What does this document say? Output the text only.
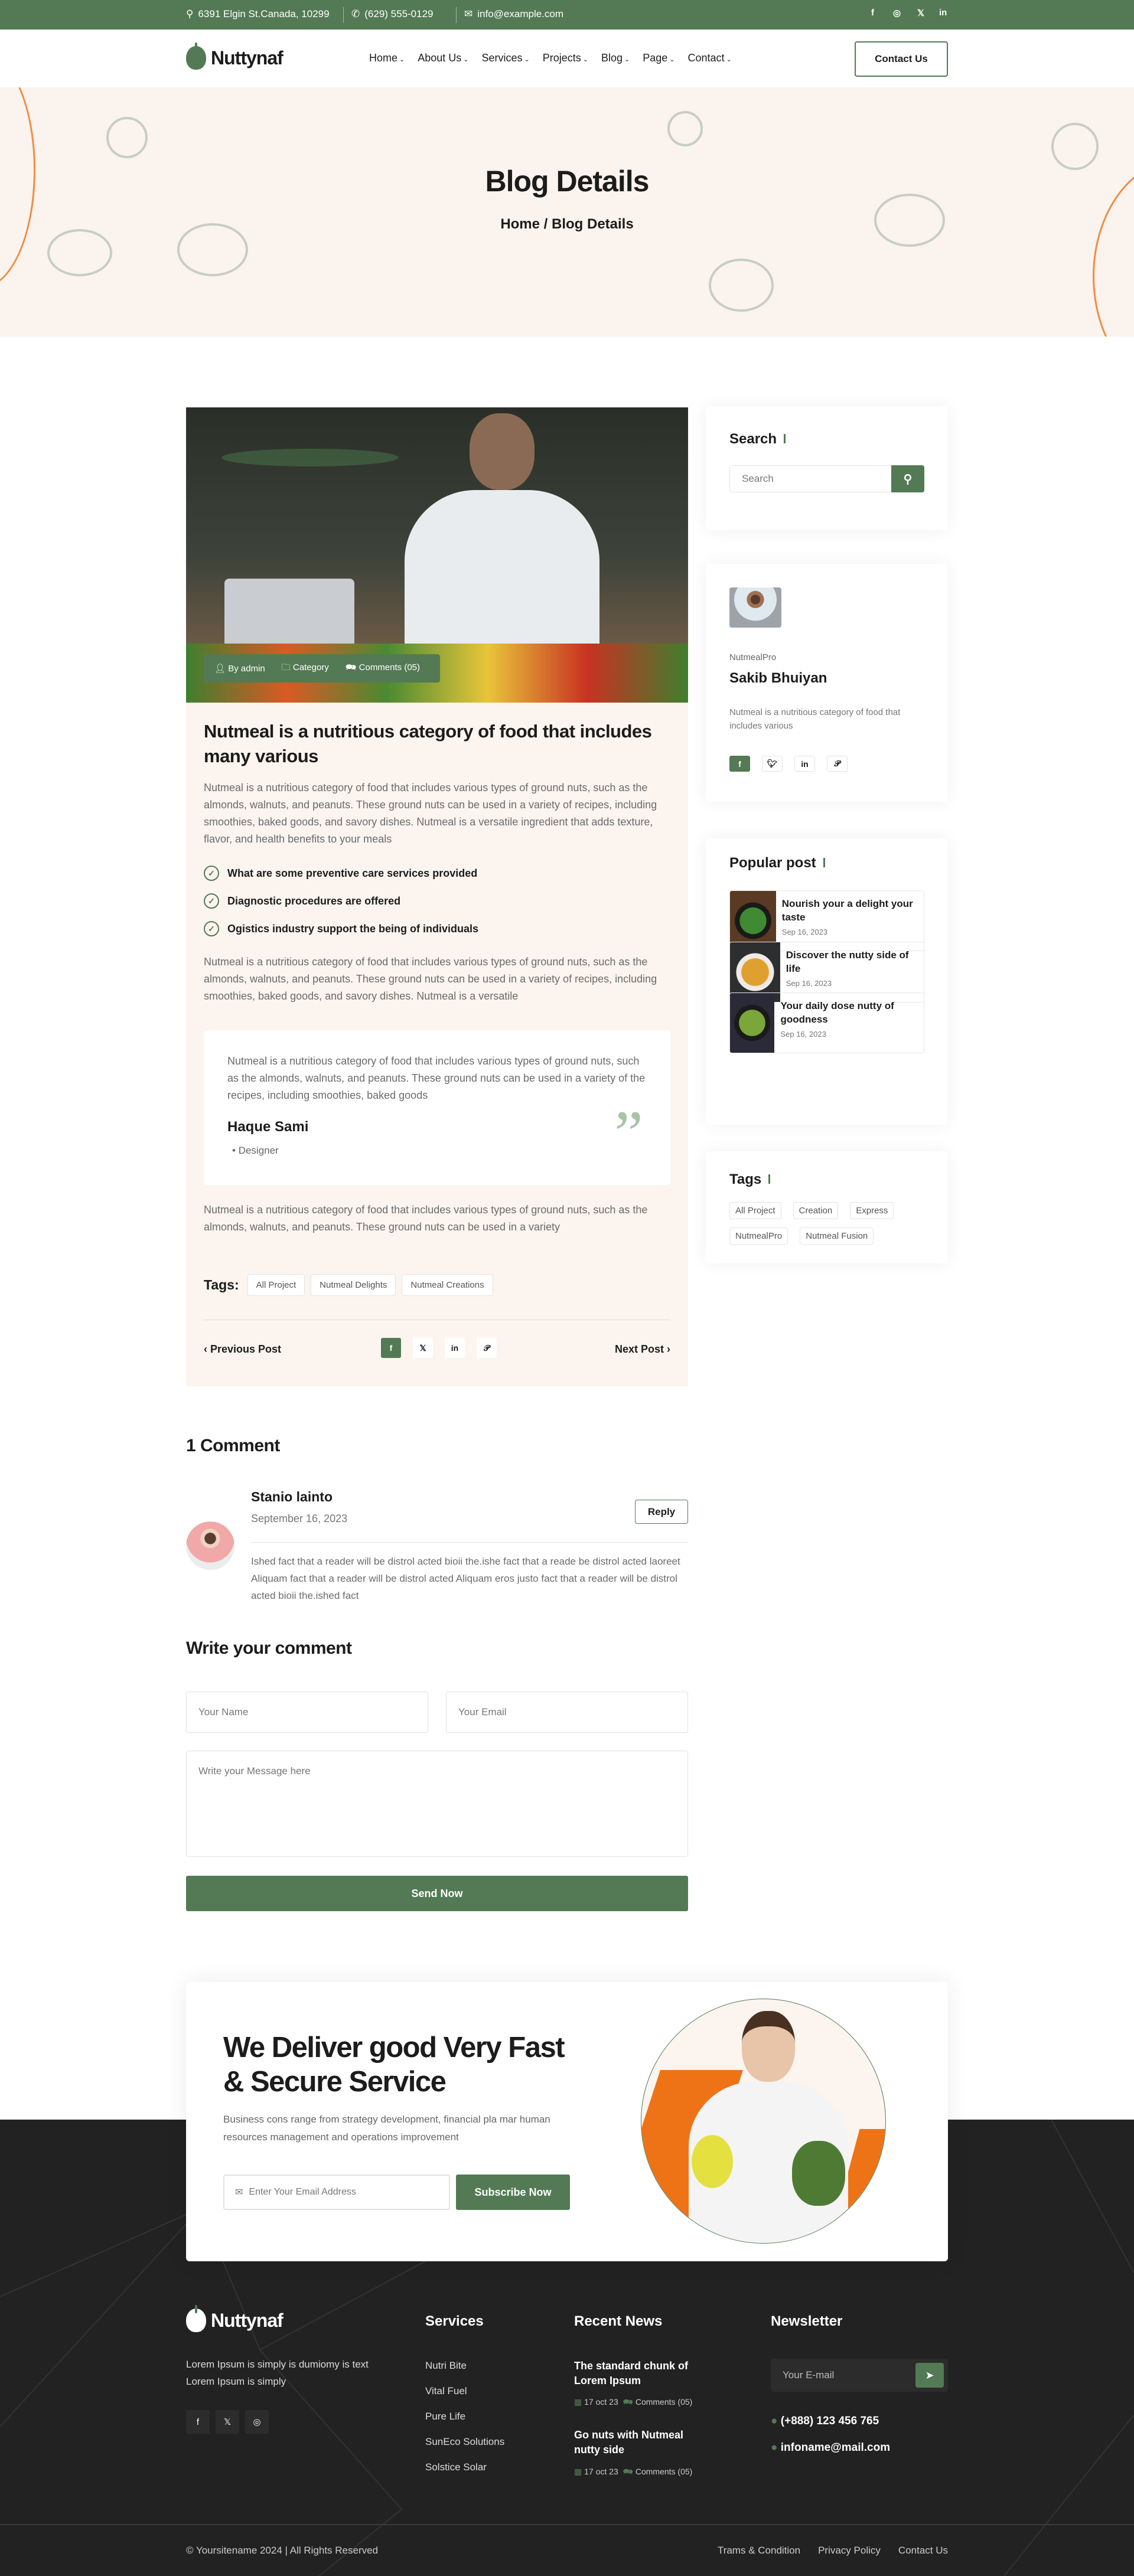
⚲ 6391 Elgin St.Canada, 10299 ✆ (629) 555-0129	✉ info@example.com	f ◎ 𝕏 in
Nuttynaf	Home ⌄ About Us ⌄ Services ⌄ Projects ⌄ Blog ⌄ Page ⌄ Contact ⌄	Contact Us
Blog Details
Home / Blog Details
👤︎ By admin 🗀 Category 🗪 Comments (05)
Nutmeal is a nutritious category of food that includes many various

Nutmeal is a nutritious category of food that includes various types of ground nuts, such as the almonds, walnuts, and peanuts. These ground nuts can be used in a variety of recipes, including smoothies, baked goods, and savory dishes. Nutmeal is a versatile ingredient that adds texture, flavor, and health benefits to your meals

✓	What are some preventive care services provided
✓	Diagnostic procedures are offered
✓	Ogistics industry support the being of individuals

Nutmeal is a nutritious category of food that includes various types of ground nuts, such as the almonds, walnuts, and peanuts. These ground nuts can be used in a variety of recipes, including smoothies, baked goods, and savory dishes. Nutmeal is a versatile

Nutmeal is a nutritious category of food that includes various types of ground nuts, such as the almonds, walnuts, and peanuts. These ground nuts can be used in a variety of the recipes, including smoothies, baked goods

Haque Sami
• Designer	”

Nutmeal is a nutritious category of food that includes various types of ground nuts, such as the almonds, walnuts, and peanuts. These ground nuts can be used in a variety

Tags:	All Project	Nutmeal Delights	Nutmeal Creations
‹ Previous Post	f	𝕏	in	𝒫	Next Post ›
1 Comment
Stanio lainto
September 16, 2023
Reply

Ished fact that a reader will be distrol acted bioii the.ishe fact that a reade be distrol acted laoreet Aliquam fact that a reader will be distrol acted Aliquam eros justo fact that a reader will be distrol acted bioii the.ished fact

Write your comment
Your Name	Your Email
Write your Message here
Send Now
Search
Search	⚲
NutmealPro
Sakib Bhuiyan

Nutmeal is a nutritious category of food that includes various

f	🐦︎	in	𝒫
Popular post
Nourish your a delight your taste
Sep 16, 2023
Discover the nutty side of life
Sep 16, 2023
Your daily dose nutty of goodness
Sep 16, 2023
Tags
All Project	Creation	Express
NutmealPro	Nutmeal Fusion
We Deliver good Very Fast
& Secure Service

Business cons range from strategy development, financial pla mar human resources management and operations improvement

✉ Enter Your Email Address	Subscribe Now
Nuttynaf

Lorem Ipsum is simply is dumiomy is text Lorem Ipsum is simply

f	𝕏	◎
Services
Nutri Bite
Vital Fuel
Pure Life
SunEco Solutions
Solstice Solar
Recent News
The standard chunk of Lorem Ipsum
▦ 17 oct 23 🗪 Comments (05)
Go nuts with Nutmeal nutty side
▦ 17 oct 23 🗪 Comments (05)
Newsletter
Your E-mail	➤
● (+888) 123 456 765
● infoname@mail.com
© Yoursitename 2024 | All Rights Reserved	Trams & Condition Privacy Policy Contact Us
